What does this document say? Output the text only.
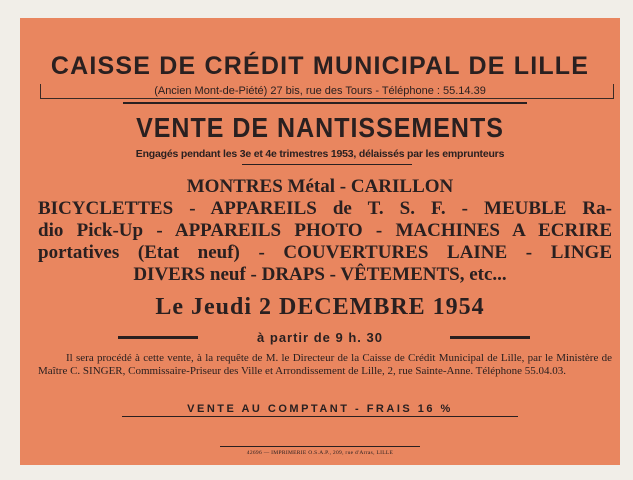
CAISSE DE CRÉDIT MUNICIPAL DE LILLE
(Ancien Mont-de-Piété) 27 bis, rue des Tours - Téléphone : 55.14.39
VENTE DE NANTISSEMENTS
Engagés pendant les 3e et 4e trimestres 1953, délaissés par les emprunteurs
MONTRES Métal - CARILLON
BICYCLETTES - APPAREILS de T. S. F. - MEUBLE Ra-
dio Pick-Up - APPAREILS PHOTO - MACHINES A ECRIRE
portatives (Etat neuf) - COUVERTURES LAINE - LINGE
DIVERS neuf - DRAPS - VÊTEMENTS, etc...
Le Jeudi 2 DECEMBRE 1954
à partir de 9 h. 30
Il sera procédé à cette vente, à la requête de M. le Directeur de la Caisse de Crédit Municipal de Lille, par le Ministère de Maître C. SINGER, Commissaire-Priseur des Ville et Arrondissement de Lille, 2, rue Sainte-Anne. Téléphone 55.04.03.
VENTE AU COMPTANT - FRAIS 16 %
42696 — IMPRIMERIE O.S.A.P., 209, rue d'Arras, LILLE
